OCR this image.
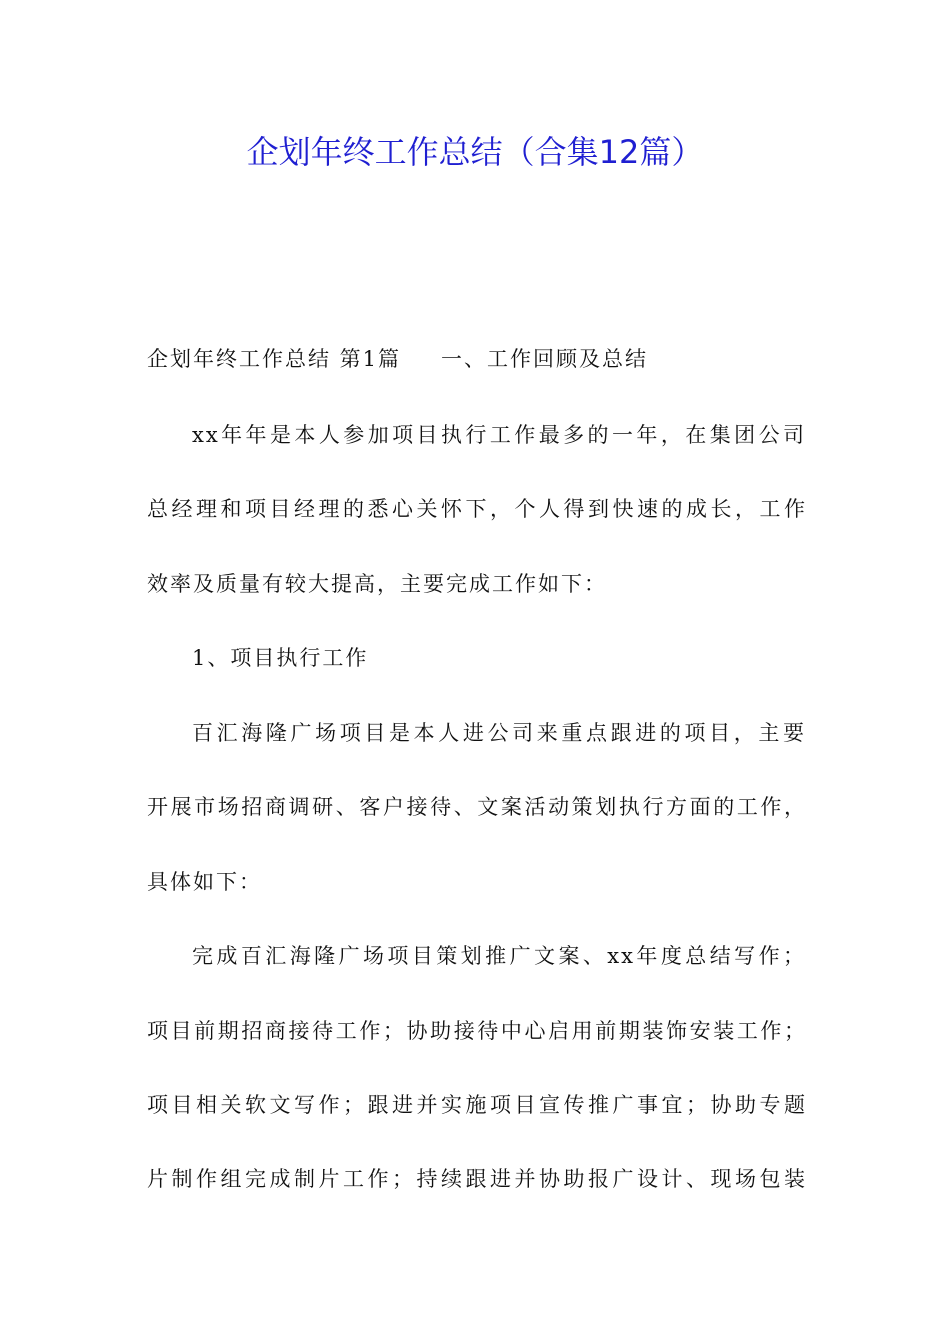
企划年终工作总结（合集12篇）
企划年终工作总结 第1篇 一、工作回顾及总结
xx年年是本人参加项目执行工作最多的一年，在集团公司
总经理和项目经理的悉心关怀下，个人得到快速的成长，工作
效率及质量有较大提高，主要完成工作如下：
1、项目执行工作
百汇海隆广场项目是本人进公司来重点跟进的项目，主要
开展市场招商调研、客户接待、文案活动策划执行方面的工作，
具体如下：
完成百汇海隆广场项目策划推广文案、xx年度总结写作；
项目前期招商接待工作；协助接待中心启用前期装饰安装工作；
项目相关软文写作；跟进并实施项目宣传推广事宜；协助专题
片制作组完成制片工作；持续跟进并协助报广设计、现场包装
